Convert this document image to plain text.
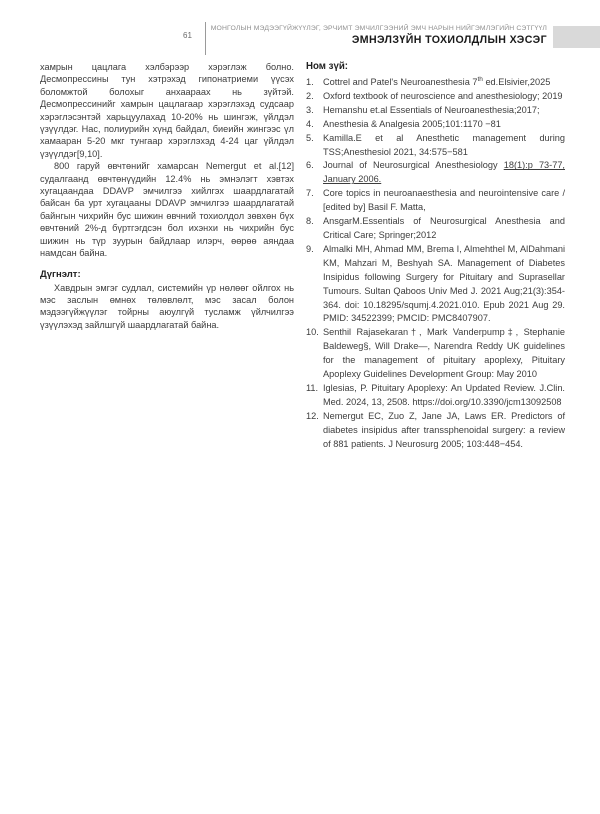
61
МОНГОЛЫН МЭДЭЭГҮЙЖҮҮЛЭГ, ЭРЧИМТ ЭМЧИЛГЭЭНИЙ ЭМЧ НАРЫН НИЙГЭМЛЭГИЙН СЭТГҮҮЛ
ЭМНЭЛЗҮЙН ТОХИОЛДЛЫН ХЭСЭГ

хамрын цацлага хэлбэрээр хэрэглэж болно. Десмопрессины тун хэтрэхэд гипонатриеми үүсэх боломжтой болохыг анхаараах нь зүйтэй. Десмопрессинийг хамрын цацлагаар хэрэглэхэд судсаар хэрэглэсэнтэй харьцуулахад 10-20% нь шингэж, үйлдэл үзүүлдэг. Нас, полиурийн хүнд байдал, биеийн жингээс үл хамааран 5-20 мкг тунгаар хэрэглэхэд 4-24 цаг үйлдэл үзүүлдэг[9,10].

800 гаруй өвчтөнийг хамарсан Nemergut et al.[12] судалгаанд өвчтөнүүдийн 12.4% нь эмнэлэгт хэвтэх хугацаандаа DDAVP эмчилгээ хийлгэх шаардлагатай байсан ба урт хугацааны DDAVP эмчилгээ шаардлагатай байнгын чихрийн бус шижин өвчний тохиолдол зөвхөн бүх өвчтөний 2%-д бүртгэгдсэн бол ихэнхи нь чихрийн бус шижин нь түр зуурын байдлаар илэрч, өөрөө аяндаа намдсан байна.

Дүгнэлт:

Хавдрын эмгэг судлал, системийн үр нөлөөг ойлгох нь мэс заслын өмнөх төлөвлөлт, мэс засал болон мэдээгүйжүүлэг тойрны аюулгүй тусламж үйлчилгээ үзүүлэхэд зайлшгүй шаардлагатай байна.

Ном зүй:
1. Cottrel and Patel's Neuroanesthesia 7th ed.Elsivier,2025
2. Oxford textbook of neuroscience and anesthesiology; 2019
3. Hemanshu et.al Essentials of Neuroanesthesia;2017;
4. Anesthesia & Analgesia 2005;101:1170 −81
5. Kamilla.E et al Anesthetic management during TSS;Anesthesiol 2021, 34:575−581
6. Journal of Neurosurgical Anesthesiology 18(1):p 73-77, January 2006.
7. Core topics in neuroanaesthesia and neurointensive care / [edited by] Basil F. Matta,
8. AnsgarM.Essentials of Neurosurgical Anesthesia and Critical Care; Springer;2012
9. Almalki MH, Ahmad MM, Brema I, Almehthel M, AlDahmani KM, Mahzari M, Beshyah SA. Management of Diabetes Insipidus following Surgery for Pituitary and Suprasellar Tumours. Sultan Qaboos Univ Med J. 2021 Aug;21(3):354-364. doi: 10.18295/squmj.4.2021.010. Epub 2021 Aug 29. PMID: 34522399; PMCID: PMC8407907.
10. Senthil Rajasekaran†, Mark Vanderpump‡, Stephanie Baldeweg§, Will Drake—, Narendra Reddy UK guidelines for the management of pituitary apoplexy, Pituitary Apoplexy Guidelines Development Group: May 2010
11. Iglesias, P. Pituitary Apoplexy: An Updated Review. J.Clin. Med. 2024, 13, 2508. https://doi.org/10.3390/jcm13092508
12. Nemergut EC, Zuo Z, Jane JA, Laws ER. Predictors of diabetes insipidus after transsphenoidal surgery: a review of 881 patients. J Neurosurg 2005; 103:448−454.
